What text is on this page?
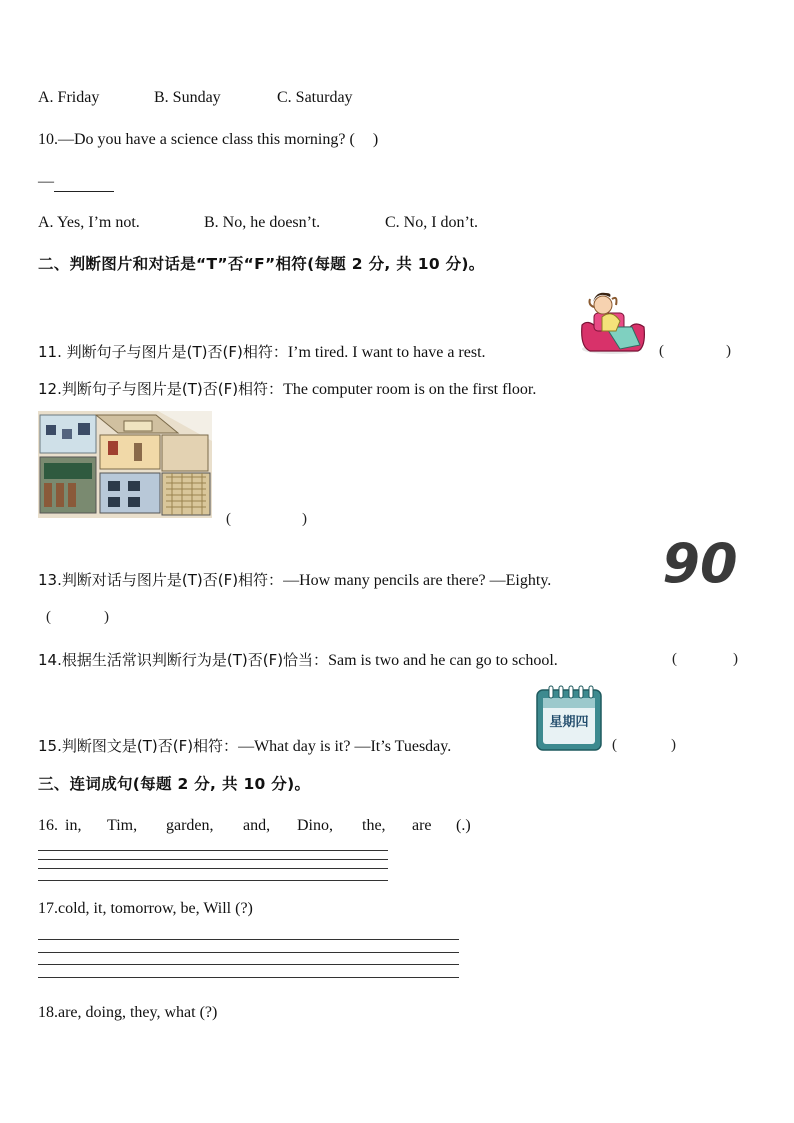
A. Friday	B. Sunday	C. Saturday
10.—Do you have a science class this morning? ( )
—
A. Yes, I’m not.	B. No, he doesn’t.	C. No, I don’t.
二、判断图片和对话是“T”否“F”相符(每题 2 分, 共 10 分)。
11. 判断句子与图片是(T)否(F)相符：I’m tired. I want to have a rest.	(	)
12.判断句子与图片是(T)否(F)相符：The computer room is on the first floor.
(	)
13.判断对话与图片是(T)否(F)相符：—How many pencils are there? —Eighty. 90
(	)
14.根据生活常识判断行为是(T)否(F)恰当：Sam is two and he can go to school.	(	)
15.判断图文是(T)否(F)相符：—What day is it? —It’s Tuesday.
星期四
(	)
三、连词成句(每题 2 分, 共 10 分)。
16. in, Tim, garden, and, Dino, the, are (.)
17.cold, it, tomorrow, be, Will (?)
18.are, doing, they, what (?)
